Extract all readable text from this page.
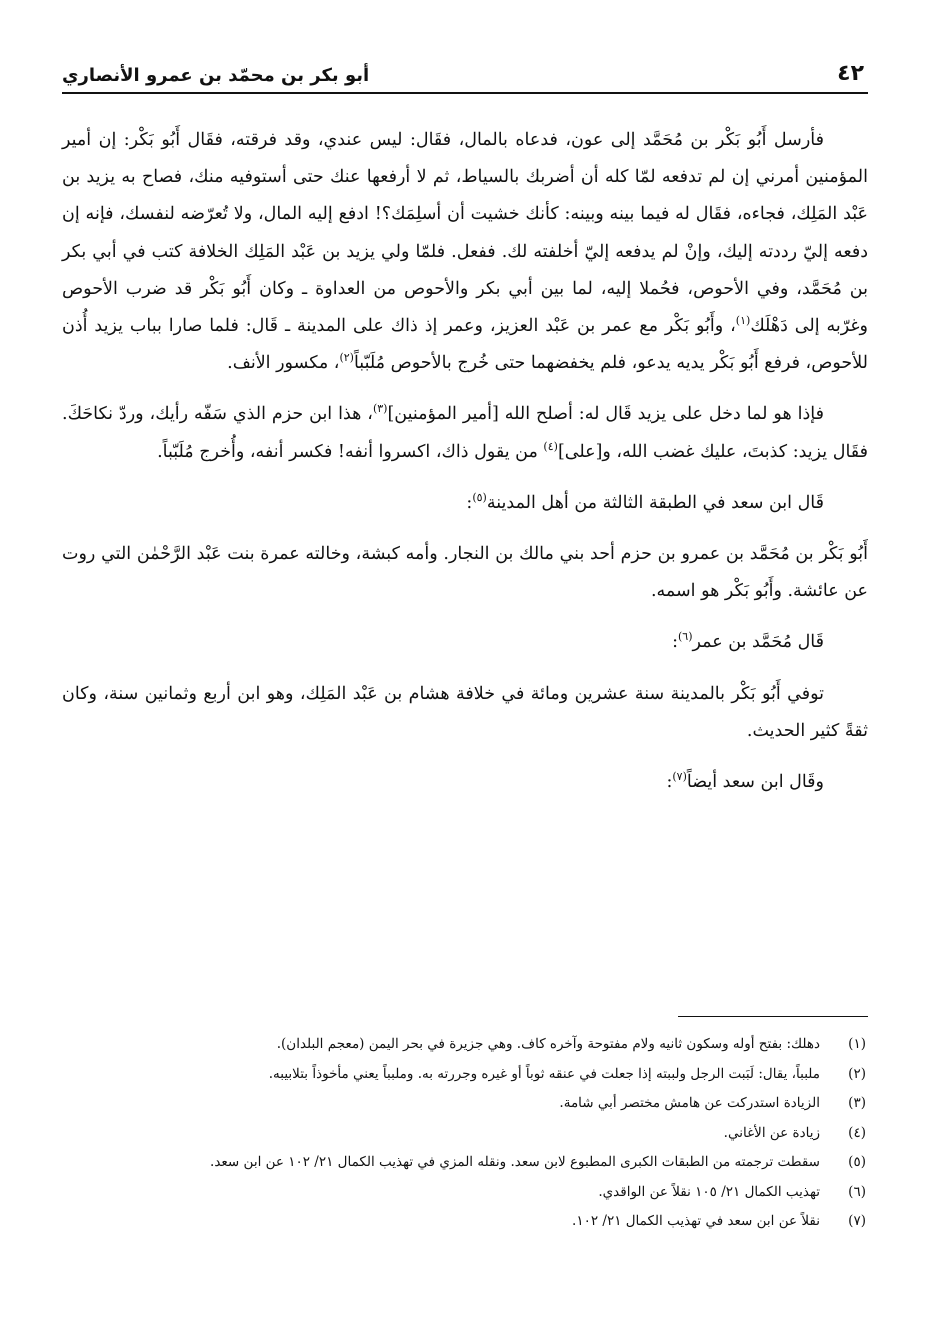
٤٢
أبو بكر بن محمّد بن عمرو الأنصاري

فأرسل أَبُو بَكْر بن مُحَمَّد إلى عون، فدعاه بالمال، فقَال: ليس عندي، وقد فرقته، فقَال أَبُو بَكْر: إن أمير المؤمنين أمرني إن لم تدفعه لمّا كله أن أضربك بالسياط، ثم لا أرفعها عنك حتى أستوفيه منك، فصاح به يزيد بن عَبْد المَلِك، فجاءه، فقَال له فيما بينه وبينه: كأنك خشيت أن أسلِمَك؟! ادفع إليه المال، ولا تُعرّضه لنفسك، فإنه إن دفعه إليّ رددته إليك، وإنْ لم يدفعه إليّ أخلفته لك. ففعل. فلمّا ولي يزيد بن عَبْد المَلِك الخلافة كتب في أبي بكر بن مُحَمَّد، وفي الأحوص، فحُملا إليه، لما بين أبي بكر والأحوص من العداوة ـ وكان أَبُو بَكْر قد ضرب الأحوص وغرّبه إلى دَهْلَك$^{(١)}$، وأَبُو بَكْر مع عمر بن عَبْد العزيز، وعمر إذ ذاك على المدينة ـ قَال: فلما صارا بباب يزيد أُذن للأحوص، فرفع أَبُو بَكْر يديه يدعو، فلم يخفضهما حتى خُرج بالأحوص مُلَبّباً$^{(٢)}$، مكسور الأنف.

فإذا هو لما دخل على يزيد قَال له: أصلح الله [أمير المؤمنين]$^{(٣)}$، هذا ابن حزم الذي سَفّه رأيك، وردّ نكاحَكَ. فقَال يزيد: كذبتَ، عليك غضب الله، و[على]$^{(٤)}$ من يقول ذاك، اكسروا أنفه! فكسر أنفه، وأُخرج مُلَبّباً.

قَال ابن سعد في الطبقة الثالثة من أهل المدينة$^{(٥)}$:

أَبُو بَكْر بن مُحَمَّد بن عمرو بن حزم أحد بني مالك بن النجار. وأمه كبشة، وخالته عمرة بنت عَبْد الرَّحْمٰن التي روت عن عائشة. وأَبُو بَكْر هو اسمه.

قَال مُحَمَّد بن عمر$^{(٦)}$:

توفي أَبُو بَكْر بالمدينة سنة عشرين ومائة في خلافة هشام بن عَبْد المَلِك، وهو ابن أربع وثمانين سنة، وكان ثقةً كثير الحديث.

وقَال ابن سعد أيضاً$^{(٧)}$:

(١)
دهلك: بفتح أوله وسكون ثانيه ولام مفتوحة وآخره كاف. وهي جزيرة في بحر اليمن (معجم البلدان).
(٢)
ملبباً، يقال: لَبَبت الرجل ولببته إذا جعلت في عنقه ثوباً أو غيره وجررته به. وملبباً يعني مأخوذاً بتلابيبه.
(٣)
الزيادة استدركت عن هامش مختصر أبي شامة.
(٤)
زيادة عن الأغاني.
(٥)
سقطت ترجمته من الطبقات الكبرى المطبوع لابن سعد. ونقله المزي في تهذيب الكمال ٢١/ ١٠٢ عن ابن سعد.
(٦)
تهذيب الكمال ٢١/ ١٠٥ نقلاً عن الواقدي.
(٧)
نقلاً عن ابن سعد في تهذيب الكمال ٢١/ ١٠٢.
